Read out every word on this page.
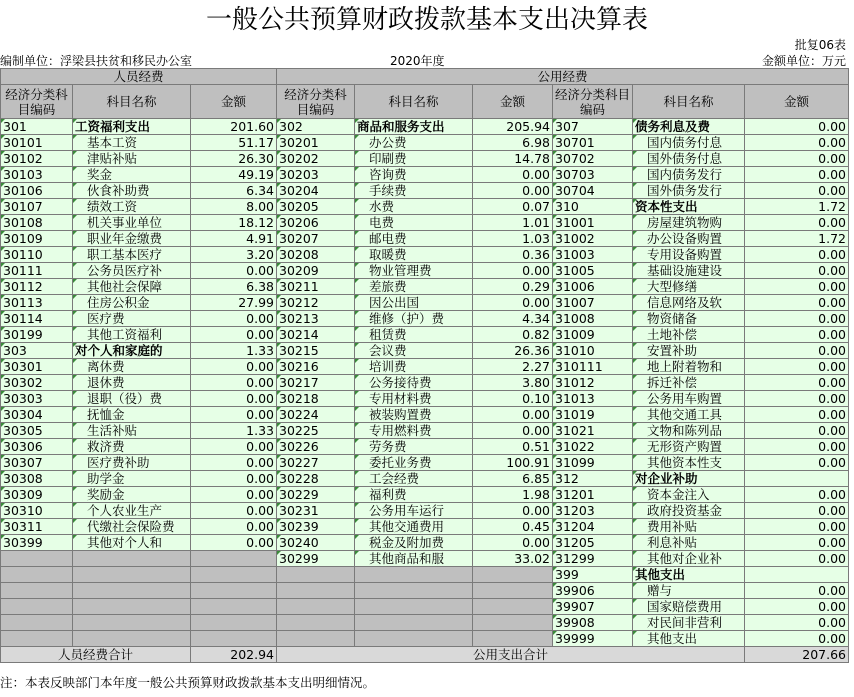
一般公共预算财政拨款基本支出决算表
批复06表
编制单位：浮梁县扶贫和移民办公室	2020年度	金额单位：万元
人员经费			公用经费					
经济分类科目编码	科目名称	金额	经济分类科目编码	科目名称	金额	经济分类科目编码	科目名称	金额
301	工资福利支出	201.60	302	商品和服务支出	205.94	307	债务利息及费	0.00
30101	基本工资	51.17	30201	办公费	6.98	30701	国内债务付息	0.00
30102	津贴补贴	26.30	30202	印刷费	14.78	30702	国外债务付息	0.00
30103	奖金	49.19	30203	咨询费	0.00	30703	国内债务发行	0.00
30106	伙食补助费	6.34	30204	手续费	0.00	30704	国外债务发行	0.00
30107	绩效工资	8.00	30205	水费	0.07	310	资本性支出	1.72
30108	机关事业单位	18.12	30206	电费	1.01	31001	房屋建筑物购	0.00
30109	职业年金缴费	4.91	30207	邮电费	1.03	31002	办公设备购置	1.72
30110	职工基本医疗	3.20	30208	取暖费	0.36	31003	专用设备购置	0.00
30111	公务员医疗补	0.00	30209	物业管理费	0.00	31005	基础设施建设	0.00
30112	其他社会保障	6.38	30211	差旅费	0.29	31006	大型修缮	0.00
30113	住房公积金	27.99	30212	因公出国	0.00	31007	信息网络及软	0.00
30114	医疗费	0.00	30213	维修（护）费	4.34	31008	物资储备	0.00
30199	其他工资福利	0.00	30214	租赁费	0.82	31009	土地补偿	0.00
303	对个人和家庭的	1.33	30215	会议费	26.36	31010	安置补助	0.00
30301	离休费	0.00	30216	培训费	2.27	310111	地上附着物和	0.00
30302	退休费	0.00	30217	公务接待费	3.80	31012	拆迁补偿	0.00
30303	退职（役）费	0.00	30218	专用材料费	0.10	31013	公务用车购置	0.00
30304	抚恤金	0.00	30224	被装购置费	0.00	31019	其他交通工具	0.00
30305	生活补贴	1.33	30225	专用燃料费	0.00	31021	文物和陈列品	0.00
30306	救济费	0.00	30226	劳务费	0.51	31022	无形资产购置	0.00
30307	医疗费补助	0.00	30227	委托业务费	100.91	31099	其他资本性支	0.00
30308	助学金	0.00	30228	工会经费	6.85	312	对企业补助	
30309	奖励金	0.00	30229	福利费	1.98	31201	资本金注入	0.00
30310	个人农业生产	0.00	30231	公务用车运行	0.00	31203	政府投资基金	0.00
30311	代缴社会保险费	0.00	30239	其他交通费用	0.45	31204	费用补贴	0.00
30399	其他对个人和	0.00	30240	税金及附加费	0.00	31205	利息补贴	0.00
			30299	其他商品和服	33.02	31299	其他对企业补	0.00
						399	其他支出	
						39906	赠与	0.00
						39907	国家赔偿费用	0.00
						39908	对民间非营利	0.00
						39999	其他支出	0.00
人员经费合计		202.94	公用支出合计					207.66
注：本表反映部门本年度一般公共预算财政拨款基本支出明细情况。
